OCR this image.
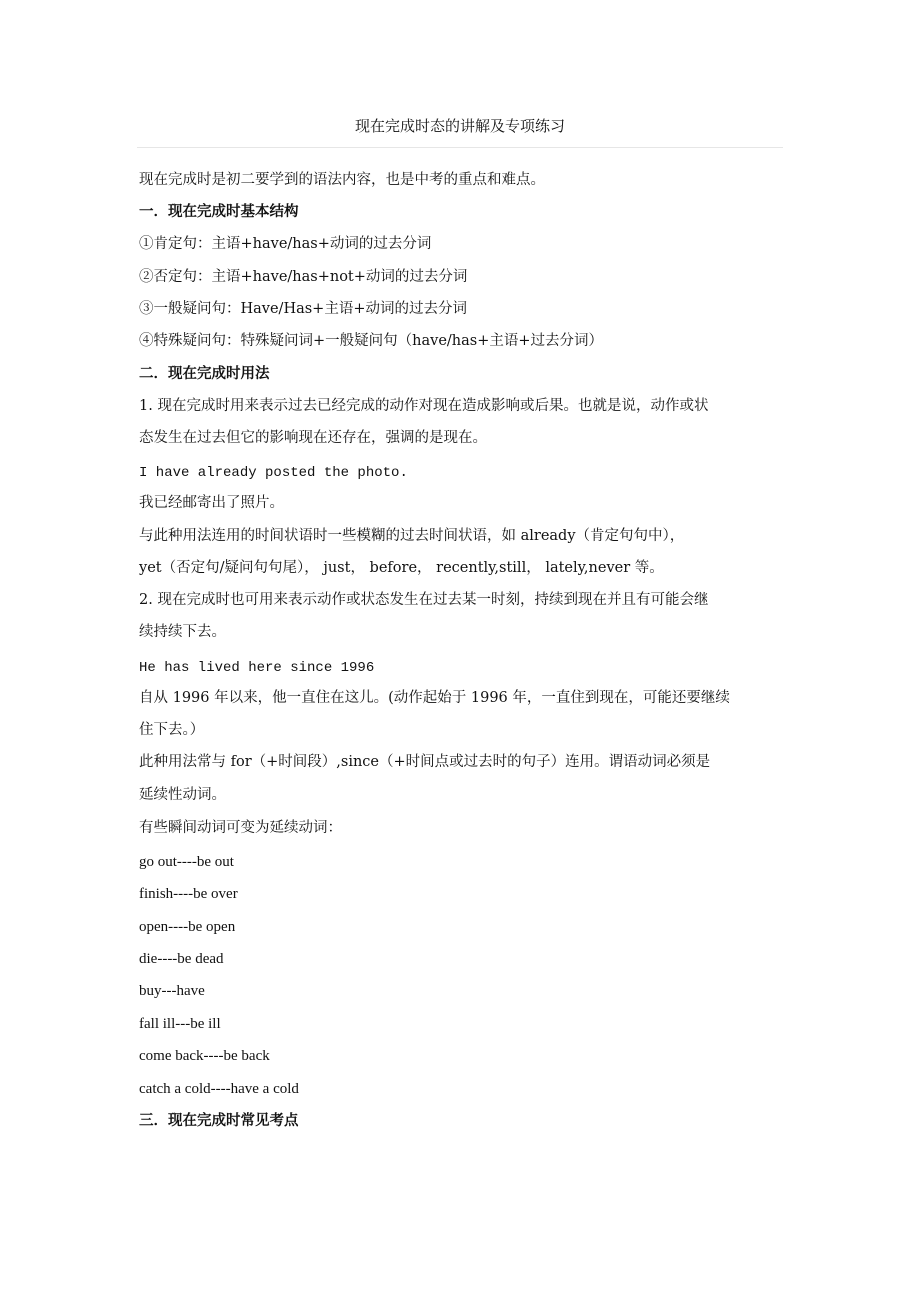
现在完成时态的讲解及专项练习
现在完成时是初二要学到的语法内容，也是中考的重点和难点。
一．现在完成时基本结构
①肯定句：主语+have/has+动词的过去分词
②否定句：主语+have/has+not+动词的过去分词
③一般疑问句：Have/Has+主语+动词的过去分词
④特殊疑问句：特殊疑问词+一般疑问句（have/has+主语+过去分词）
二．现在完成时用法
1. 现在完成时用来表示过去已经完成的动作对现在造成影响或后果。也就是说，动作或状
态发生在过去但它的影响现在还存在，强调的是现在。
I have already posted the photo.
我已经邮寄出了照片。
与此种用法连用的时间状语时一些模糊的过去时间状语，如 already（肯定句句中），
yet（否定句/疑问句句尾）， just， before， recently,still， lately,never 等。
2. 现在完成时也可用来表示动作或状态发生在过去某一时刻，持续到现在并且有可能会继
续持续下去。
He has lived here since 1996
自从 1996 年以来，他一直住在这儿。(动作起始于 1996 年，一直住到现在，可能还要继续
住下去。）
此种用法常与 for（+时间段）,since（+时间点或过去时的句子）连用。谓语动词必须是
延续性动词。
有些瞬间动词可变为延续动词：
go out----be out
finish----be over
open----be open
die----be dead
buy---have
fall ill---be ill
come back----be back
catch a cold----have a cold
三．现在完成时常见考点
